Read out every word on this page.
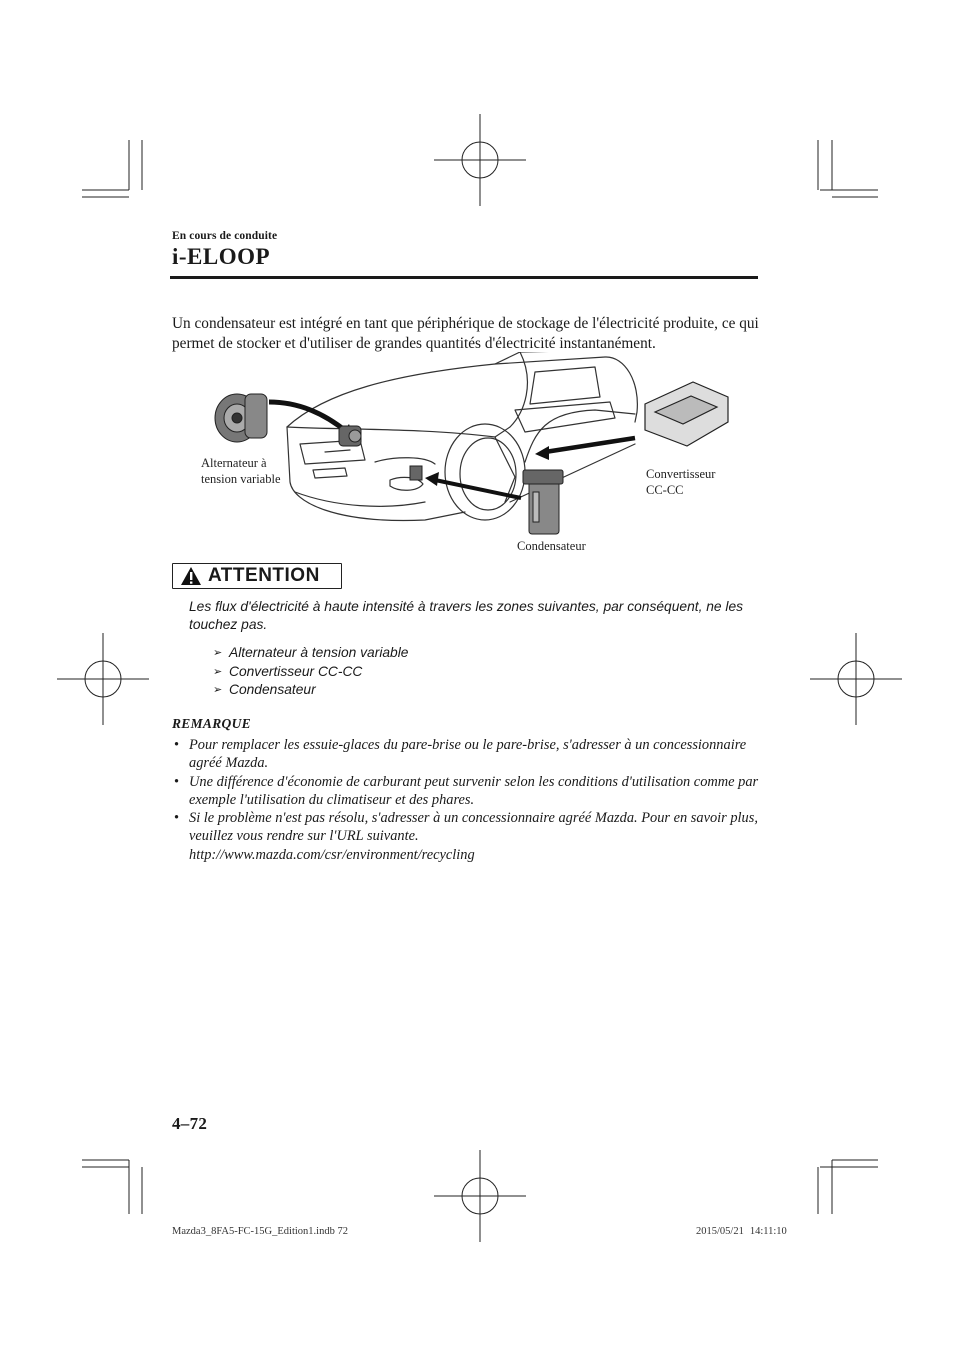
En cours de conduite
i-ELOOP

Un condensateur est intégré en tant que périphérique de stockage de l'électricité produite, ce qui permet de stocker et d'utiliser de grandes quantités d'électricité instantanément.

Alternateur à
tension variable	Convertisseur
CC-CC
Condensateur
ATTENTION

Les flux d'électricité à haute intensité à travers les zones suivantes, par conséquent, ne les touchez pas.

➢ Alternateur à tension variable
➢ Convertisseur CC-CC
➢ Condensateur
REMARQUE
• Pour remplacer les essuie-glaces du pare-brise ou le pare-brise, s'adresser à un concessionnaire agréé Mazda.
• Une différence d'économie de carburant peut survenir selon les conditions d'utilisation comme par exemple l'utilisation du climatiseur et des phares.
• Si le problème n'est pas résolu, s'adresser à un concessionnaire agréé Mazda. Pour en savoir plus, veuillez vous rendre sur l'URL suivante.
http://www.mazda.com/csr/environment/recycling
4–72
Mazda3_8FA5-FC-15G_Edition1.indb 72	2015/05/21 14:11:10
